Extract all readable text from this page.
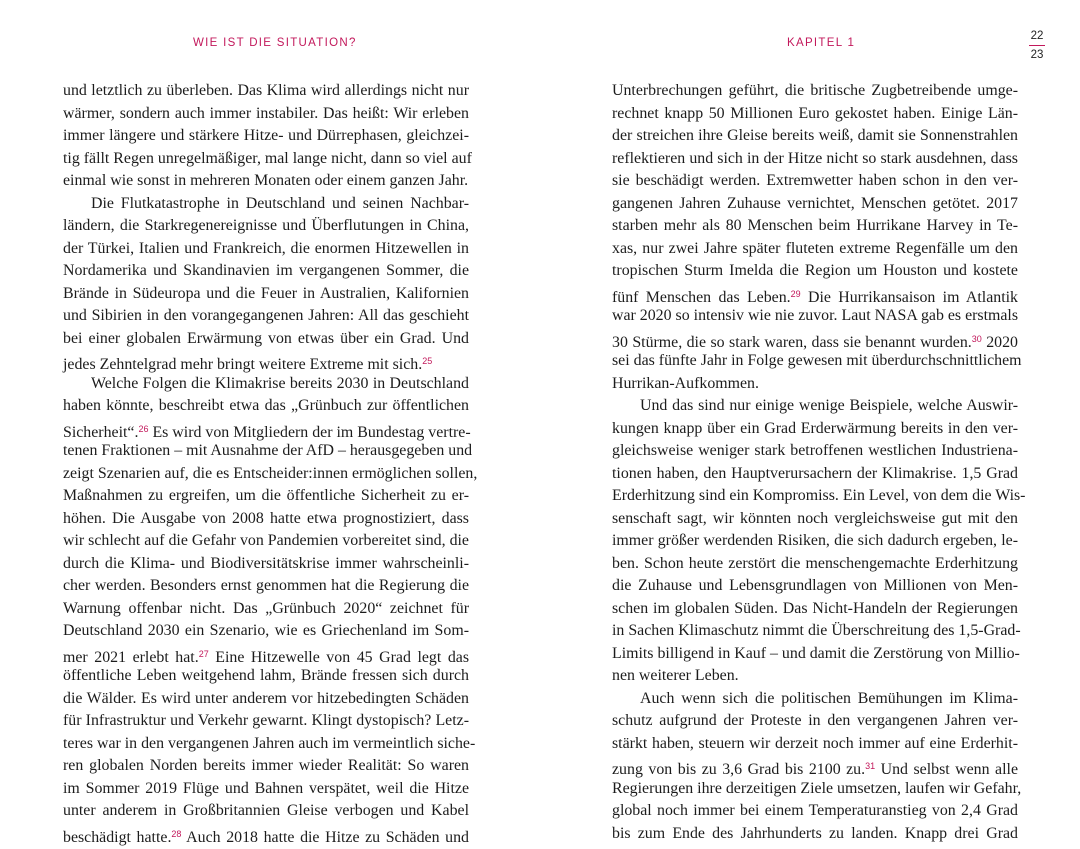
WIE IST DIE SITUATION?	KAPITEL 1
22
23
und letztlich zu überleben. Das Klima wird allerdings nicht nur
wärmer, sondern auch immer instabiler. Das heißt: Wir erleben
immer längere und stärkere Hitze- und Dürrephasen, gleichzei-
tig fällt Regen unregelmäßiger, mal lange nicht, dann so viel auf
einmal wie sonst in mehreren Monaten oder einem ganzen Jahr.
Die Flutkatastrophe in Deutschland und seinen Nachbar-
ländern, die Starkregenereignisse und Überflutungen in China,
der Türkei, Italien und Frankreich, die enormen Hitzewellen in
Nordamerika und Skandinavien im vergangenen Sommer, die
Brände in Südeuropa und die Feuer in Australien, Kalifornien
und Sibirien in den vorangegangenen Jahren: All das geschieht
bei einer globalen Erwärmung von etwas über ein Grad. Und
jedes Zehntelgrad mehr bringt weitere Extreme mit sich.$^{25}$
Welche Folgen die Klimakrise bereits 2030 in Deutschland
haben könnte, beschreibt etwa das „Grünbuch zur öffentlichen
Sicherheit“.$^{26}$ Es wird von Mitgliedern der im Bundestag vertre-
tenen Fraktionen – mit Ausnahme der AfD – herausgegeben und
zeigt Szenarien auf, die es Entscheider:innen ermöglichen sollen,
Maßnahmen zu ergreifen, um die öffentliche Sicherheit zu er-
höhen. Die Ausgabe von 2008 hatte etwa prognostiziert, dass
wir schlecht auf die Gefahr von Pandemien vorbereitet sind, die
durch die Klima- und Biodiversitätskrise immer wahrscheinli-
cher werden. Besonders ernst genommen hat die Regierung die
Warnung offenbar nicht. Das „Grünbuch 2020“ zeichnet für
Deutschland 2030 ein Szenario, wie es Griechenland im Som-
mer 2021 erlebt hat.$^{27}$ Eine Hitzewelle von 45 Grad legt das
öffentliche Leben weitgehend lahm, Brände fressen sich durch
die Wälder. Es wird unter anderem vor hitzebedingten Schäden
für Infrastruktur und Verkehr gewarnt. Klingt dystopisch? Letz-
teres war in den vergangenen Jahren auch im vermeintlich siche-
ren globalen Norden bereits immer wieder Realität: So waren
im Sommer 2019 Flüge und Bahnen verspätet, weil die Hitze
unter anderem in Großbritannien Gleise verbogen und Kabel
beschädigt hatte.$^{28}$ Auch 2018 hatte die Hitze zu Schäden und
Unterbrechungen geführt, die britische Zugbetreibende umge-
rechnet knapp 50 Millionen Euro gekostet haben. Einige Län-
der streichen ihre Gleise bereits weiß, damit sie Sonnenstrahlen
reflektieren und sich in der Hitze nicht so stark ausdehnen, dass
sie beschädigt werden. Extremwetter haben schon in den ver-
gangenen Jahren Zuhause vernichtet, Menschen getötet. 2017
starben mehr als 80 Menschen beim Hurrikane Harvey in Te-
xas, nur zwei Jahre später fluteten extreme Regenfälle um den
tropischen Sturm Imelda die Region um Houston und kostete
fünf Menschen das Leben.$^{29}$ Die Hurrikansaison im Atlantik
war 2020 so intensiv wie nie zuvor. Laut NASA gab es erstmals
30 Stürme, die so stark waren, dass sie benannt wurden.$^{30}$ 2020
sei das fünfte Jahr in Folge gewesen mit überdurchschnittlichem
Hurrikan-Aufkommen.
Und das sind nur einige wenige Beispiele, welche Auswir-
kungen knapp über ein Grad Erderwärmung bereits in den ver-
gleichsweise weniger stark betroffenen westlichen Industriena-
tionen haben, den Hauptverursachern der Klimakrise. 1,5 Grad
Erderhitzung sind ein Kompromiss. Ein Level, von dem die Wis-
senschaft sagt, wir könnten noch vergleichsweise gut mit den
immer größer werdenden Risiken, die sich dadurch ergeben, le-
ben. Schon heute zerstört die menschengemachte Erderhitzung
die Zuhause und Lebensgrundlagen von Millionen von Men-
schen im globalen Süden. Das Nicht-Handeln der Regierungen
in Sachen Klimaschutz nimmt die Überschreitung des 1,5-Grad-
Limits billigend in Kauf – und damit die Zerstörung von Millio-
nen weiterer Leben.
Auch wenn sich die politischen Bemühungen im Klima-
schutz aufgrund der Proteste in den vergangenen Jahren ver-
stärkt haben, steuern wir derzeit noch immer auf eine Erderhit-
zung von bis zu 3,6 Grad bis 2100 zu.$^{31}$ Und selbst wenn alle
Regierungen ihre derzeitigen Ziele umsetzen, laufen wir Gefahr,
global noch immer bei einem Temperaturanstieg von 2,4 Grad
bis zum Ende des Jahrhunderts zu landen. Knapp drei Grad
